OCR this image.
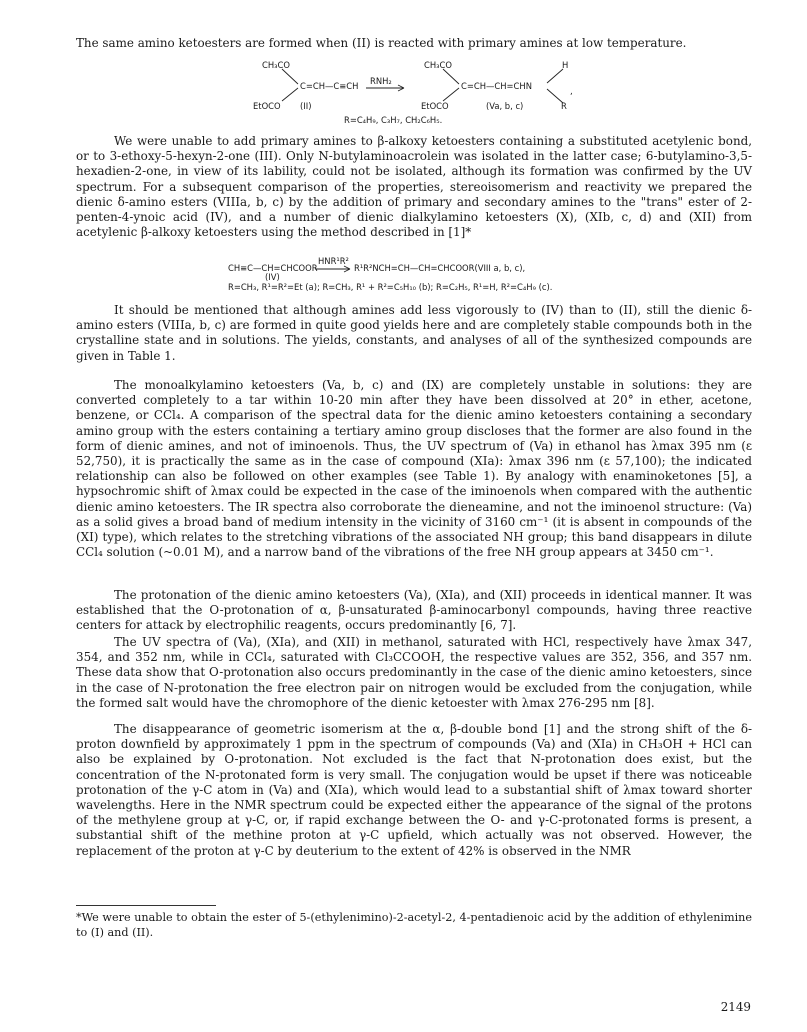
The same amino ketoesters are formed when (II) is reacted with primary amines at low temperature.

CH₃CO
C=CH—C≡CH
EtOCO (II)
RNH₂
CH₃CO	H
C=CH—CH=CHN	,
EtOCO	(Va, b, c)	R
R=C₄H₉, C₃H₇, CH₂C₆H₅.

We were unable to add primary amines to β-alkoxy ketoesters containing a substituted acetylenic bond, or to 3-ethoxy-5-hexyn-2-one (III). Only N-butylaminoacrolein was isolated in the latter case; 6-butylamino-3,5-hexadien-2-one, in view of its lability, could not be isolated, although its formation was confirmed by the UV spectrum. For a subsequent comparison of the properties, stereoisomerism and reactivity we prepared the dienic δ-amino esters (VIIIa, b, c) by the addition of primary and secondary amines to the "trans" ester of 2-penten-4-ynoic acid (IV), and a number of dienic dialkylamino ketoesters (X), (XIb, c, d) and (XII) from acetylenic β-alkoxy ketoesters using the method described in [1]*

CH≡C—CH=CHCOOR
HNR¹R²
R¹R²NCH=CH—CH=CHCOOR(VIII a, b, c),
(IV)
R=CH₃, R¹=R²=Et (a); R=CH₃, R¹ + R²=C₅H₁₀ (b); R=C₂H₅, R¹=H, R²=C₄H₉ (c).

It should be mentioned that although amines add less vigorously to (IV) than to (II), still the dienic δ-amino esters (VIIIa, b, c) are formed in quite good yields here and are completely stable compounds both in the crystalline state and in solutions. The yields, constants, and analyses of all of the synthesized compounds are given in Table 1.

The monoalkylamino ketoesters (Va, b, c) and (IX) are completely unstable in solutions: they are converted completely to a tar within 10-20 min after they have been dissolved at 20° in ether, acetone, benzene, or CCl₄. A comparison of the spectral data for the dienic amino ketoesters containing a secondary amino group with the esters containing a tertiary amino group discloses that the former are also found in the form of dienic amines, and not of iminoenols. Thus, the UV spectrum of (Va) in ethanol has λmax 395 nm (ε 52,750), it is practically the same as in the case of compound (XIa): λmax 396 nm (ε 57,100); the indicated relationship can also be followed on other examples (see Table 1). By analogy with enaminoketones [5], a hypsochromic shift of λmax could be expected in the case of the iminoenols when compared with the authentic dienic amino ketoesters. The IR spectra also corroborate the dieneamine, and not the iminoenol structure: (Va) as a solid gives a broad band of medium intensity in the vicinity of 3160 cm⁻¹ (it is absent in compounds of the (XI) type), which relates to the stretching vibrations of the associated NH group; this band disappears in dilute CCl₄ solution (~0.01 M), and a narrow band of the vibrations of the free NH group appears at 3450 cm⁻¹.

The protonation of the dienic amino ketoesters (Va), (XIa), and (XII) proceeds in identical manner. It was established that the O-protonation of α, β-unsaturated β-aminocarbonyl compounds, having three reactive centers for attack by electrophilic reagents, occurs predominantly [6, 7].

The UV spectra of (Va), (XIa), and (XII) in methanol, saturated with HCl, respectively have λmax 347, 354, and 352 nm, while in CCl₄, saturated with Cl₃CCOOH, the respective values are 352, 356, and 357 nm. These data show that O-protonation also occurs predominantly in the case of the dienic amino ketoesters, since in the case of N-protonation the free electron pair on nitrogen would be excluded from the conjugation, while the formed salt would have the chromophore of the dienic ketoester with λmax 276-295 nm [8].

The disappearance of geometric isomerism at the α, β-double bond [1] and the strong shift of the δ-proton downfield by approximately 1 ppm in the spectrum of compounds (Va) and (XIa) in CH₃OH + HCl can also be explained by O-protonation. Not excluded is the fact that N-protonation does exist, but the concentration of the N-protonated form is very small. The conjugation would be upset if there was noticeable protonation of the γ-C atom in (Va) and (XIa), which would lead to a substantial shift of λmax toward shorter wavelengths. Here in the NMR spectrum could be expected either the appearance of the signal of the protons of the methylene group at γ-C, or, if rapid exchange between the O- and γ-C-protonated forms is present, a substantial shift of the methine proton at γ-C upfield, which actually was not observed. However, the replacement of the proton at γ-C by deuterium to the extent of 42% is observed in the NMR

*We were unable to obtain the ester of 5-(ethylenimino)-2-acetyl-2, 4-pentadienoic acid by the addition of ethylenimine to (I) and (II).

2149
